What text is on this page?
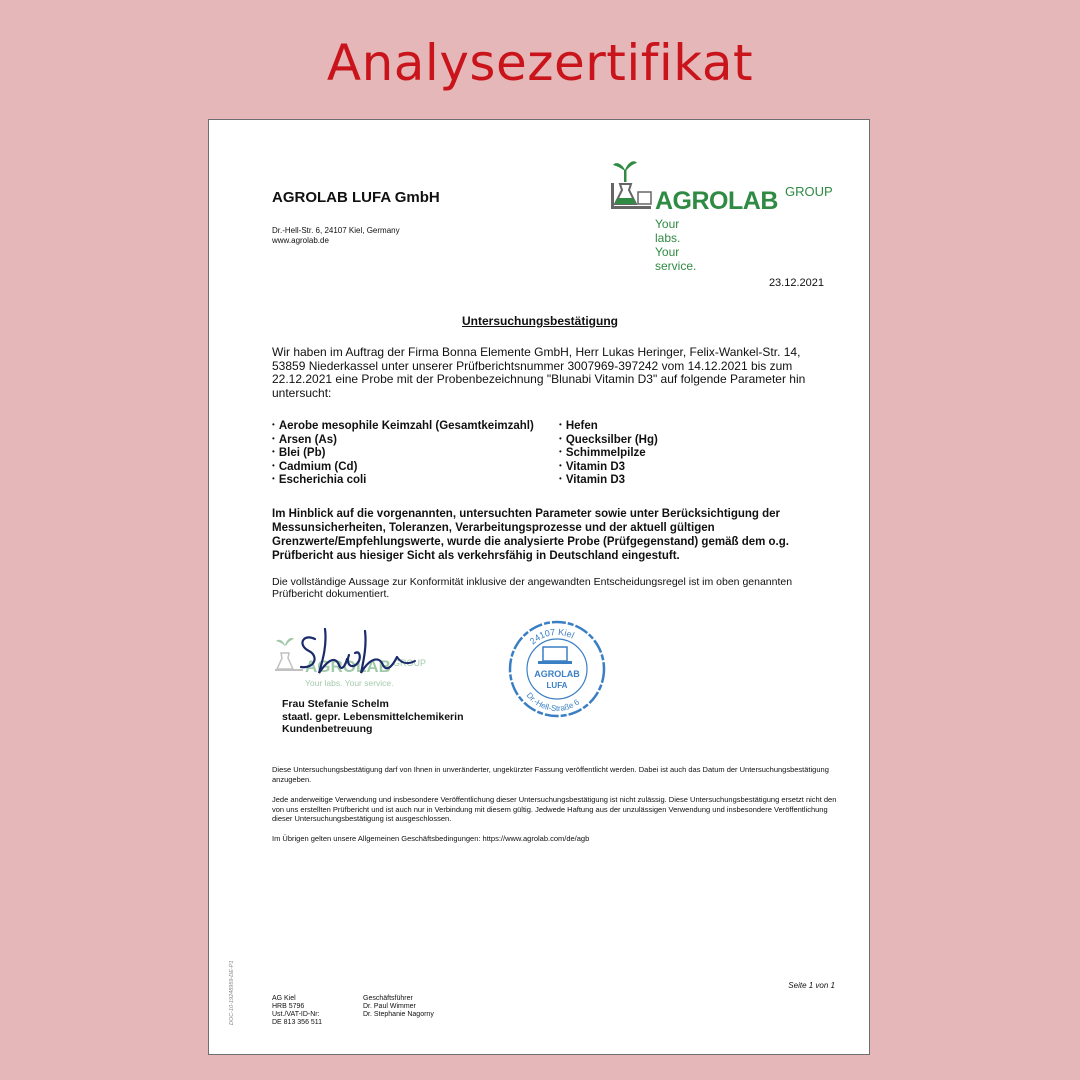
Analysezertifikat
AGROLAB LUFA GmbH
Dr.-Hell-Str. 6, 24107 Kiel, Germany
www.agrolab.de
AGROLAB GROUP
Your labs. Your service.
23.12.2021
Untersuchungsbestätigung
Wir haben im Auftrag der Firma Bonna Elemente GmbH, Herr Lukas Heringer, Felix-Wankel-Str. 14, 53859 Niederkassel unter unserer Prüfberichtsnummer 3007969-397242 vom 14.12.2021 bis zum 22.12.2021 eine Probe mit der Probenbezeichnung "Blunabi Vitamin D3" auf folgende Parameter hin untersucht:
• Aerobe mesophile Keimzahl (Gesamtkeimzahl)
• Arsen (As)
• Blei (Pb)
• Cadmium (Cd)
• Escherichia coli
• Hefen
• Quecksilber (Hg)
• Schimmelpilze
• Vitamin D3
• Vitamin D3
Im Hinblick auf die vorgenannten, untersuchten Parameter sowie unter Berücksichtigung der Messunsicherheiten, Toleranzen, Verarbeitungsprozesse und der aktuell gültigen Grenzwerte/Empfehlungswerte, wurde die analysierte Probe (Prüfgegenstand) gemäß dem o.g. Prüfbericht aus hiesiger Sicht als verkehrsfähig in Deutschland eingestuft.
Die vollständige Aussage zur Konformität inklusive der angewandten Entscheidungsregel ist im oben genannten Prüfbericht dokumentiert.
AGROLAB GROUP
Your labs. Your service.
Frau Stefanie Schelm
staatl. gepr. Lebensmittelchemikerin
Kundenbetreuung
24107 Kiel
Dr.-Hell-Straße 6
AGROLAB
LUFA
Diese Untersuchungsbestätigung darf von Ihnen in unveränderter, ungekürzter Fassung veröffentlicht werden. Dabei ist auch das Datum der Untersuchungsbestätigung anzugeben.
Jede anderweitige Verwendung und insbesondere Veröffentlichung dieser Untersuchungsbestätigung ist nicht zulässig. Diese Untersuchungsbestätigung ersetzt nicht den von uns erstellten Prüfbericht und ist auch nur in Verbindung mit diesem gültig. Jedwede Haftung aus der unzulässigen Verwendung und insbesondere Veröffentlichung dieser Untersuchungsbestätigung ist ausgeschlossen.
Im Übrigen gelten unsere Allgemeinen Geschäftsbedingungen: https://www.agrolab.com/de/agb
Seite 1 von 1
AG Kiel
HRB 5796
Ust./VAT-ID-Nr:
DE 813 356 511
Geschäftsführer
Dr. Paul Wimmer
Dr. Stephanie Nagorny
DOC-10-19248959-DE-P1
